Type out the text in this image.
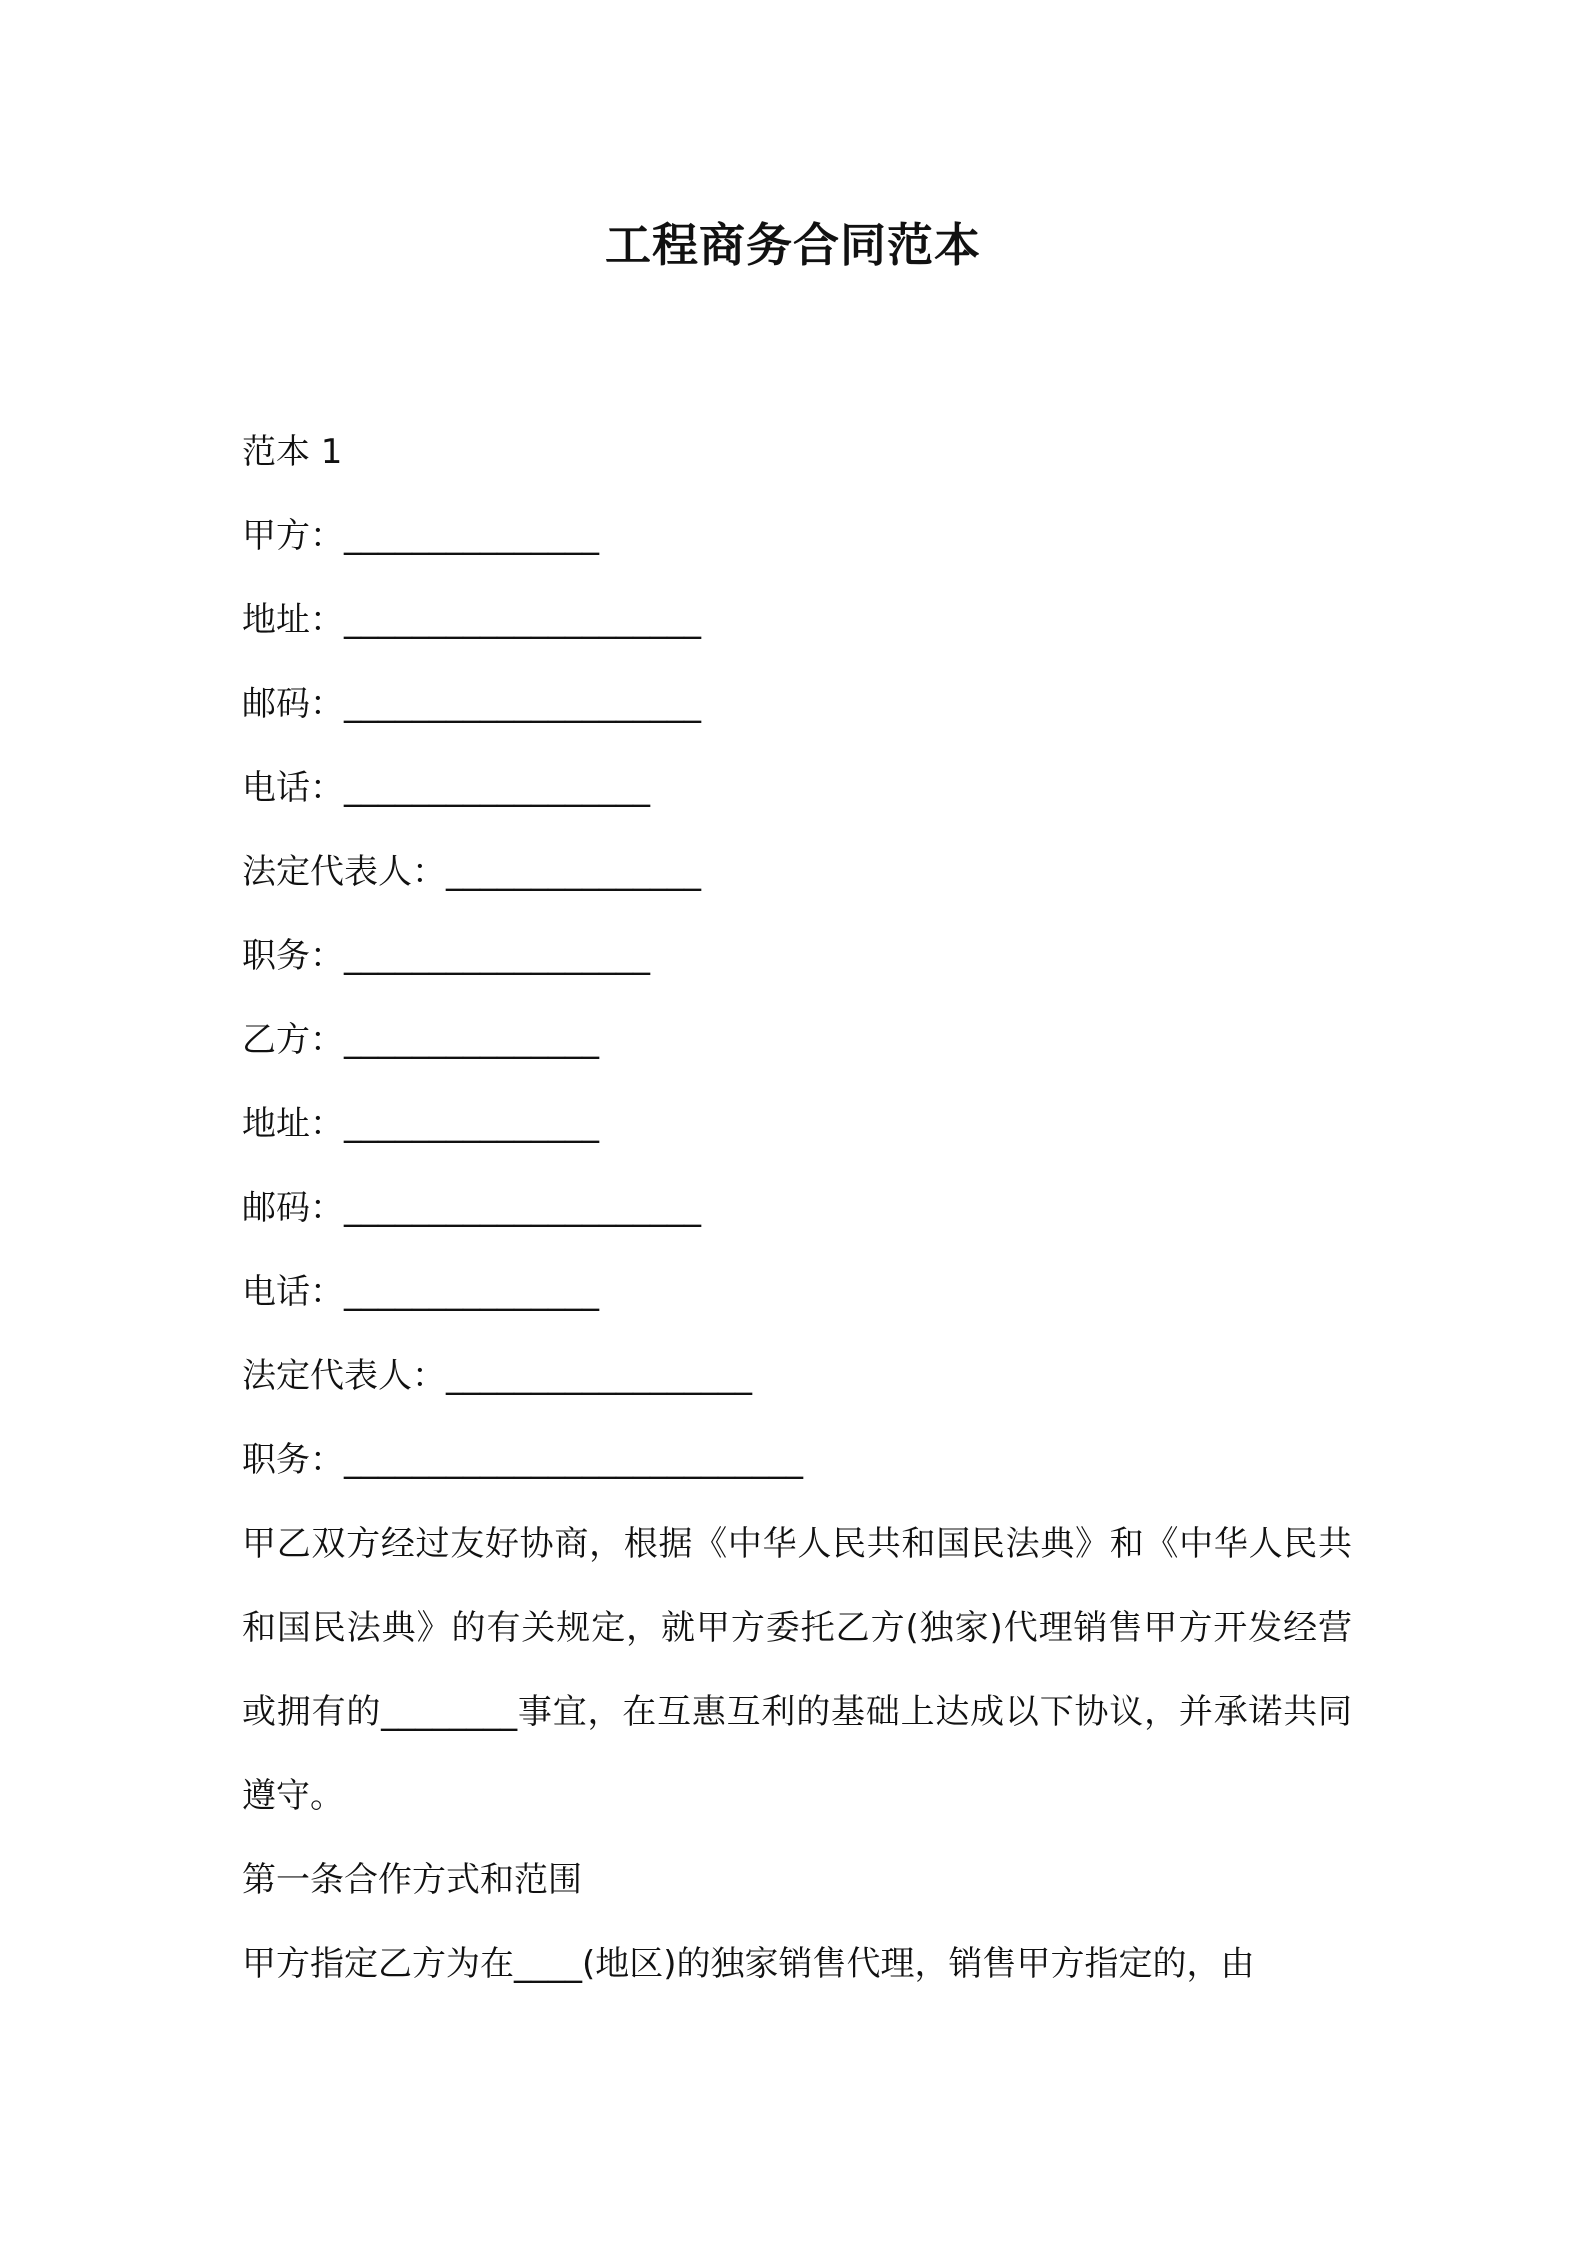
工程商务合同范本
范本 1
甲方：_______________
地址：_____________________
邮码：_____________________
电话：__________________
法定代表人：_______________
职务：__________________
乙方：_______________
地址：_______________
邮码：_____________________
电话：_______________
法定代表人：__________________
职务：___________________________
甲乙双方经过友好协商，根据《中华人民共和国民法典》和《中华人民共和国民法典》的有关规定，就甲方委托乙方(独家)代理销售甲方开发经营或拥有的________事宜，在互惠互利的基础上达成以下协议，并承诺共同遵守。
第一条合作方式和范围
甲方指定乙方为在____(地区)的独家销售代理，销售甲方指定的，由
